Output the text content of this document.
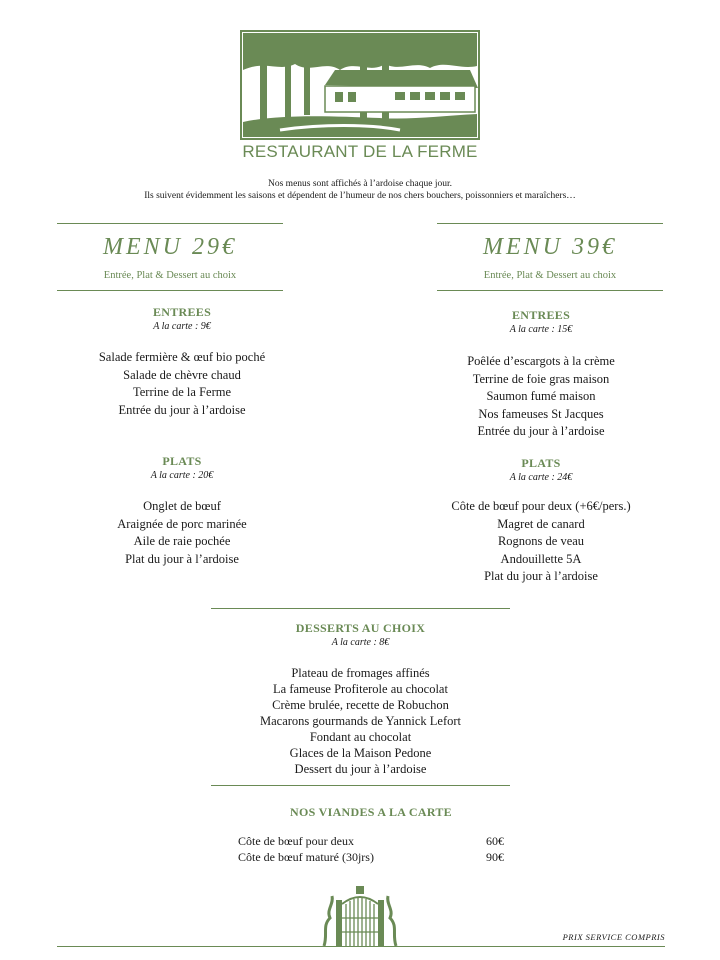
RESTAURANT DE LA FERME
Nos menus sont affichés à l’ardoise chaque jour.
Ils suivent évidemment les saisons et dépendent de l’humeur de nos chers bouchers, poissonniers et maraîchers…
MENU 29€
Entrée, Plat & Dessert au choix
ENTREES
A la carte : 9€
Salade fermière & œuf bio poché
Salade de chèvre chaud
Terrine de la Ferme
Entrée du jour à l’ardoise
PLATS
A la carte : 20€
Onglet de bœuf
Araignée de porc marinée
Aile de raie pochée
Plat du jour à l’ardoise
MENU 39€
Entrée, Plat & Dessert au choix
ENTREES
A la carte : 15€
Poêlée d’escargots à la crème
Terrine de foie gras maison
Saumon fumé maison
Nos fameuses St Jacques
Entrée du jour à l’ardoise
PLATS
A la carte : 24€
Côte de bœuf pour deux (+6€/pers.)
Magret de canard
Rognons de veau
Andouillette 5A
Plat du jour à l’ardoise
DESSERTS AU CHOIX
A la carte : 8€
Plateau de fromages affinés
La fameuse Profiterole au chocolat
Crème brulée, recette de Robuchon
Macarons gourmands de Yannick Lefort
Fondant au chocolat
Glaces de la Maison Pedone
Dessert du jour à l’ardoise
NOS VIANDES A LA CARTE
Côte de bœuf pour deux	60€
Côte de bœuf maturé (30jrs)	90€
PRIX SERVICE COMPRIS
